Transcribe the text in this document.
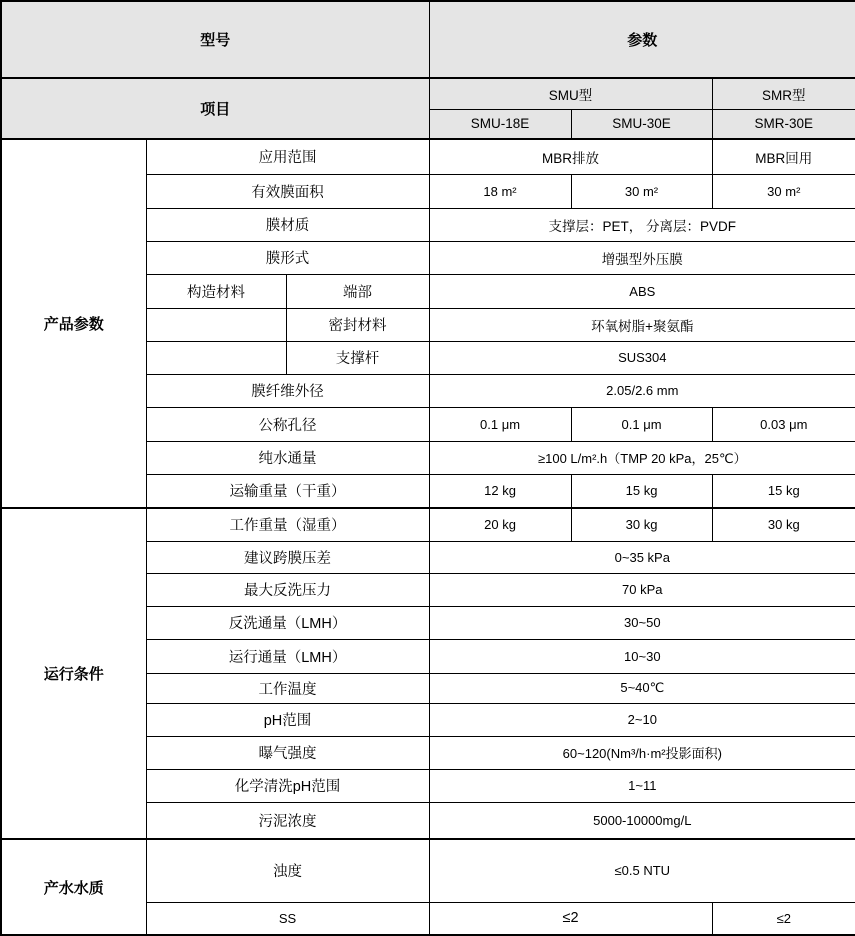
型号			参数		
项目			SMU型		SMR型
			SMU-18E	SMU-30E	SMR-30E
产品参数	应用范围		MBR排放		MBR回用
	有效膜面积		18 m²	30 m²	30 m²
	膜材质		支撑层：PET， 分离层：PVDF		
	膜形式		增强型外压膜		
	构造材料	端部	ABS		
		密封材料	环氧树脂+聚氨酯		
		支撑杆	SUS304		
	膜纤维外径		2.05/2.6 mm		
	公称孔径		0.1 μm	0.1 μm	0.03 μm
	纯水通量		≥100 L/m².h（TMP 20 kPa，25℃）		
	运输重量（干重）		12 kg	15 kg	15 kg
运行条件	工作重量（湿重）		20 kg	30 kg	30 kg
	建议跨膜压差		0~35 kPa		
	最大反洗压力		70 kPa		
	反洗通量（LMH）		30~50		
	运行通量（LMH）		10~30		
	工作温度		5~40℃		
	pH范围		2~10		
	曝气强度		60~120(Nm³/h·m²投影面积)		
	化学清洗pH范围		1~11		
	污泥浓度		5000-10000mg/L		
产水水质	浊度		≤0.5 NTU		
	SS		≤2		≤2
